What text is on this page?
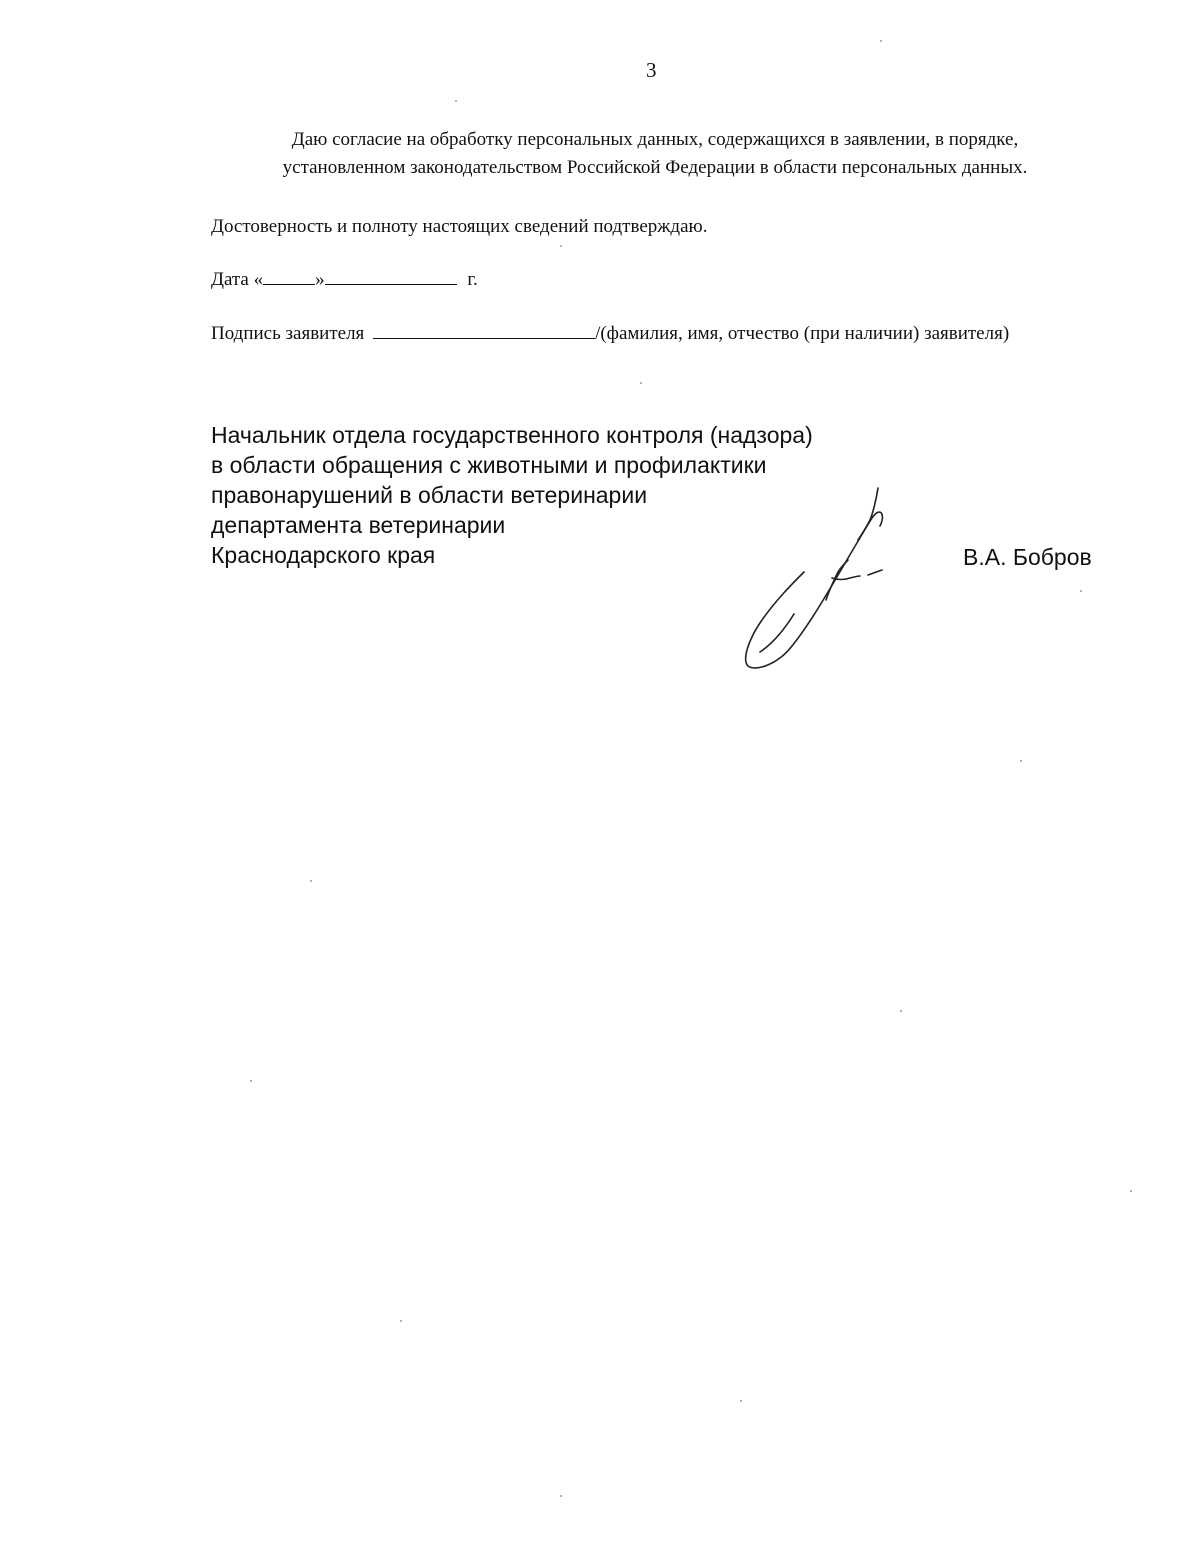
3
Даю согласие на обработку персональных данных, содержащихся в заявлении, в порядке,
установленном законодательством Российской Федерации в области персональных данных.
Достоверность и полноту настоящих сведений подтверждаю.
Дата «	»	г.
Подпись заявителя	/(фамилия, имя, отчество (при наличии) заявителя)
Начальник отдела государственного контроля (надзора)
в области обращения с животными и профилактики
правонарушений в области ветеринарии
департамента ветеринарии
Краснодарского края	В.А. Бобров
